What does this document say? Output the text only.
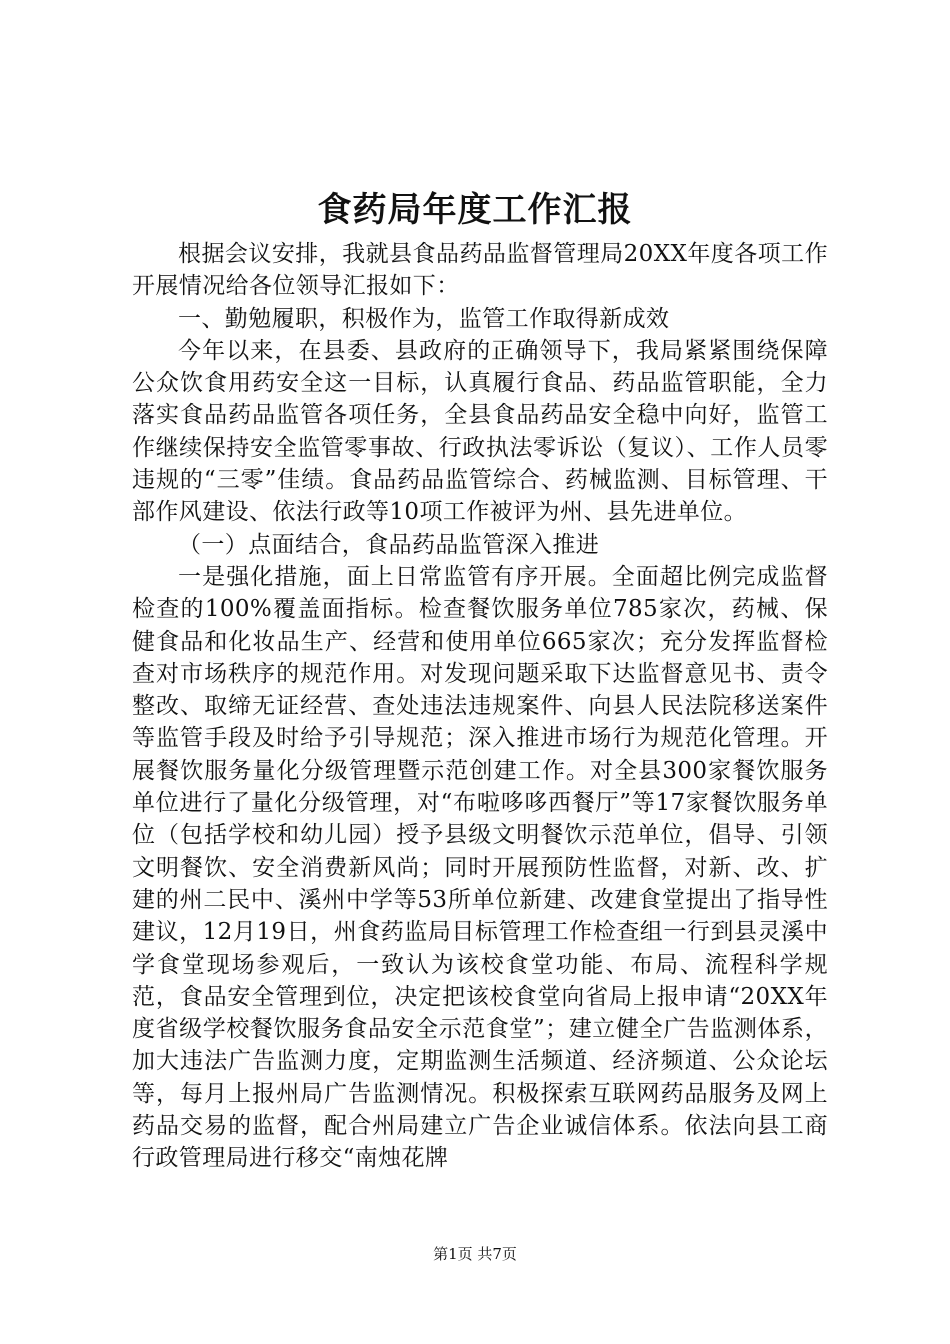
食药局年度工作汇报

根据会议安排，我就县食品药品监督管理局20XX年度各项工作开展情况给各位领导汇报如下：

一、勤勉履职，积极作为，监管工作取得新成效

今年以来，在县委、县政府的正确领导下，我局紧紧围绕保障公众饮食用药安全这一目标，认真履行食品、药品监管职能，全力落实食品药品监管各项任务，全县食品药品安全稳中向好，监管工作继续保持安全监管零事故、行政执法零诉讼（复议）、工作人员零违规的“三零”佳绩。食品药品监管综合、药械监测、目标管理、干部作风建设、依法行政等10项工作被评为州、县先进单位。

（一）点面结合，食品药品监管深入推进

一是强化措施，面上日常监管有序开展。全面超比例完成监督检查的100%覆盖面指标。检查餐饮服务单位785家次，药械、保健食品和化妆品生产、经营和使用单位665家次；充分发挥监督检查对市场秩序的规范作用。对发现问题采取下达监督意见书、责令整改、取缔无证经营、查处违法违规案件、向县人民法院移送案件等监管手段及时给予引导规范；深入推进市场行为规范化管理。开展餐饮服务量化分级管理暨示范创建工作。对全县300家餐饮服务单位进行了量化分级管理，对“布啦哆哆西餐厅”等17家餐饮服务单位（包括学校和幼儿园）授予县级文明餐饮示范单位，倡导、引领文明餐饮、安全消费新风尚；同时开展预防性监督，对新、改、扩建的州二民中、溪州中学等53所单位新建、改建食堂提出了指导性建议，12月19日，州食药监局目标管理工作检查组一行到县灵溪中学食堂现场参观后，一致认为该校食堂功能、布局、流程科学规范，食品安全管理到位，决定把该校食堂向省局上报申请“20XX年度省级学校餐饮服务食品安全示范食堂”；建立健全广告监测体系，加大违法广告监测力度，定期监测生活频道、经济频道、公众论坛等，每月上报州局广告监测情况。积极探索互联网药品服务及网上药品交易的监督，配合州局建立广告企业诚信体系。依法向县工商行政管理局进行移交“南烛花牌

第1页 共7页
